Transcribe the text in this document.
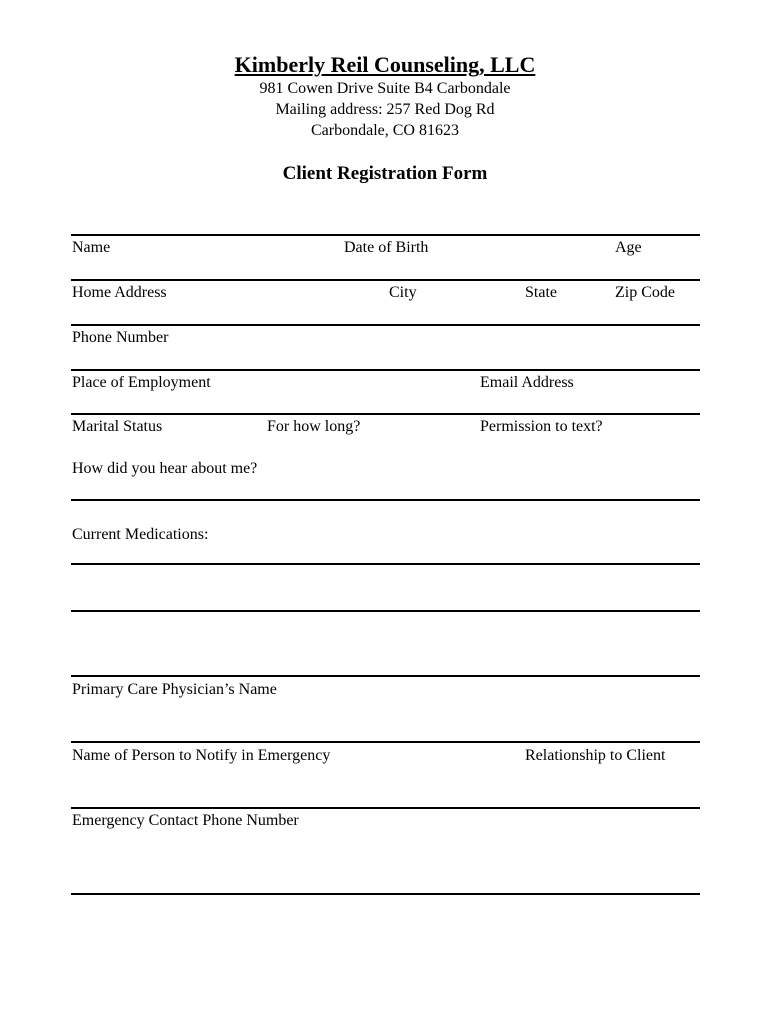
Kimberly Reil Counseling, LLC
981 Cowen Drive Suite B4 Carbondale
Mailing address: 257 Red Dog Rd
Carbondale, CO 81623
Client Registration Form
Name	Date of Birth	Age
Home Address	City	State	Zip Code
Phone Number
Place of Employment	Email Address
Marital Status	For how long?	Permission to text?
How did you hear about me?
Current Medications:
Primary Care Physician’s Name
Name of Person to Notify in Emergency	Relationship to Client
Emergency Contact Phone Number
